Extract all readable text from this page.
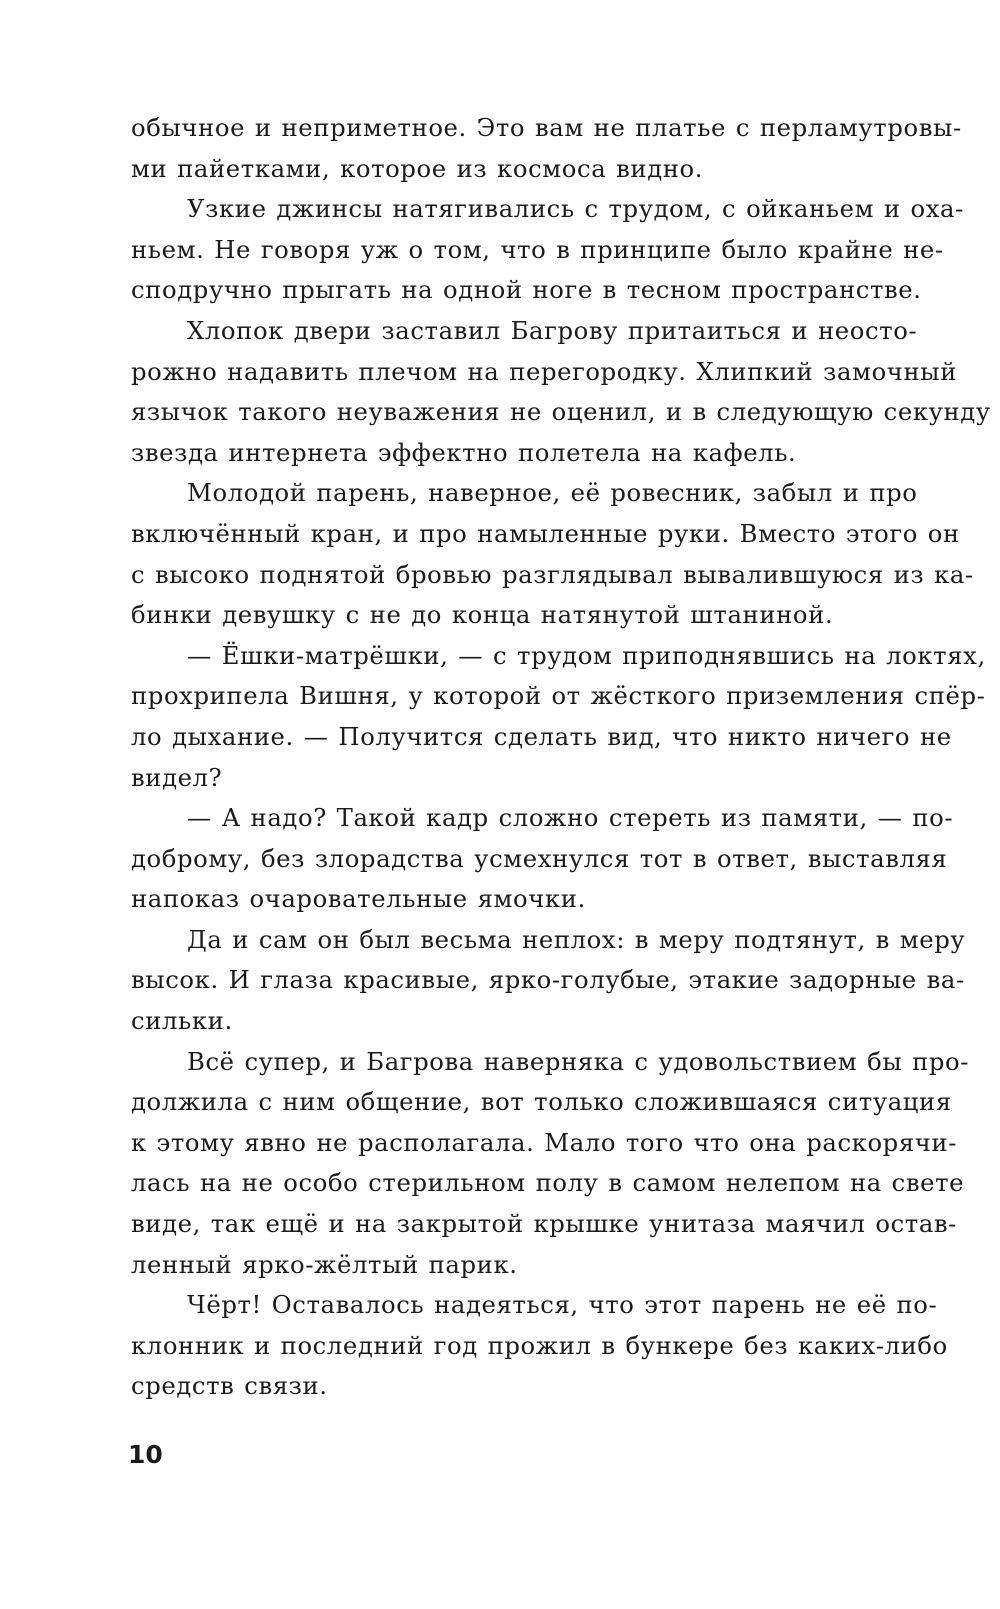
обычное и неприметное. Это вам не платье с перламутровы-
ми пайетками, которое из космоса видно.
Узкие джинсы натягивались с трудом, с ойканьем и оха-
ньем. Не говоря уж о том, что в принципе было крайне не-
сподручно прыгать на одной ноге в тесном пространстве.
Хлопок двери заставил Багрову притаиться и неосто-
рожно надавить плечом на перегородку. Хлипкий замочный
язычок такого неуважения не оценил, и в следующую секунду
звезда интернета эффектно полетела на кафель.
Молодой парень, наверное, её ровесник, забыл и про
включённый кран, и про намыленные руки. Вместо этого он
с высоко поднятой бровью разглядывал вывалившуюся из ка-
бинки девушку с не до конца натянутой штаниной.
— Ёшки-матрёшки, — с трудом приподнявшись на локтях,
прохрипела Вишня, у которой от жёсткого приземления спёр-
ло дыхание. — Получится сделать вид, что никто ничего не
видел?
— А надо? Такой кадр сложно стереть из памяти, — по-
доброму, без злорадства усмехнулся тот в ответ, выставляя
напоказ очаровательные ямочки.
Да и сам он был весьма неплох: в меру подтянут, в меру
высок. И глаза красивые, ярко-голубые, этакие задорные ва-
сильки.
Всё супер, и Багрова наверняка с удовольствием бы про-
должила с ним общение, вот только сложившаяся ситуация
к этому явно не располагала. Мало того что она раскорячи-
лась на не особо стерильном полу в самом нелепом на свете
виде, так ещё и на закрытой крышке унитаза маячил остав-
ленный ярко-жёлтый парик.
Чёрт! Оставалось надеяться, что этот парень не её по-
клонник и последний год прожил в бункере без каких-либо
средств связи.
10
